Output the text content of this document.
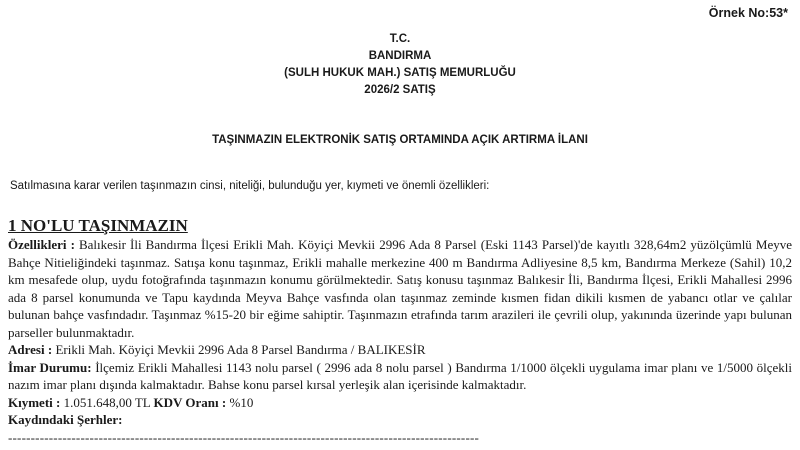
Örnek No:53*
T.C.
BANDIRMA
(SULH HUKUK MAH.) SATIŞ MEMURLUĞU
2026/2 SATIŞ
TAŞINMAZIN ELEKTRONİK SATIŞ ORTAMINDA AÇIK ARTIRMA İLANI
Satılmasına karar verilen taşınmazın cinsi, niteliği, bulunduğu yer, kıymeti ve önemli özellikleri:
1 NO'LU TAŞINMAZIN

Özellikleri : Balıkesir İli Bandırma İlçesi Erikli Mah. Köyiçi Mevkii 2996 Ada 8 Parsel (Eski 1143 Parsel)'de kayıtlı 328,64m2 yüzölçümlü Meyve Bahçe Nitielіğindeki taşınmaz. Satışa konu taşınmaz, Erikli mahalle merkezine 400 m Bandırma Adliyesine 8,5 km, Bandırma Merkeze (Sahil) 10,2 km mesafede olup, uydu fotoğrafında taşınmazın konumu görülmektedir. Satış konusu taşınmaz Balıkesir İli, Bandırma İlçesi, Erikli Mahallesi 2996 ada 8 parsel konumunda ve Tapu kaydında Meyva Bahçe vasfında olan taşınmaz zeminde kısmen fidan dikili kısmen de yabancı otlar ve çalılar bulunan bahçe vasfındadır. Taşınmaz %15-20 bir eğime sahiptir. Taşınmazın etrafında tarım arazileri ile çevrili olup, yakınında üzerinde yapı bulunan parseller bulunmaktadır.

Adresi : Erikli Mah. Köyiçi Mevkii 2996 Ada 8 Parsel Bandırma / BALIKESİR

İmar Durumu: İlçemiz Erikli Mahallesi 1143 nolu parsel ( 2996 ada 8 nolu parsel ) Bandırma 1/1000 ölçekli uygulama imar planı ve 1/5000 ölçekli nazım imar planı dışında kalmaktadır. Bahse konu parsel kırsal yerleşik alan içerisinde kalmaktadır.

Kıymeti : 1.051.648,00 TL KDV Oranı : %10

Kaydındaki Şerhler:

--------------------------------------------------------------------------------------------------------
